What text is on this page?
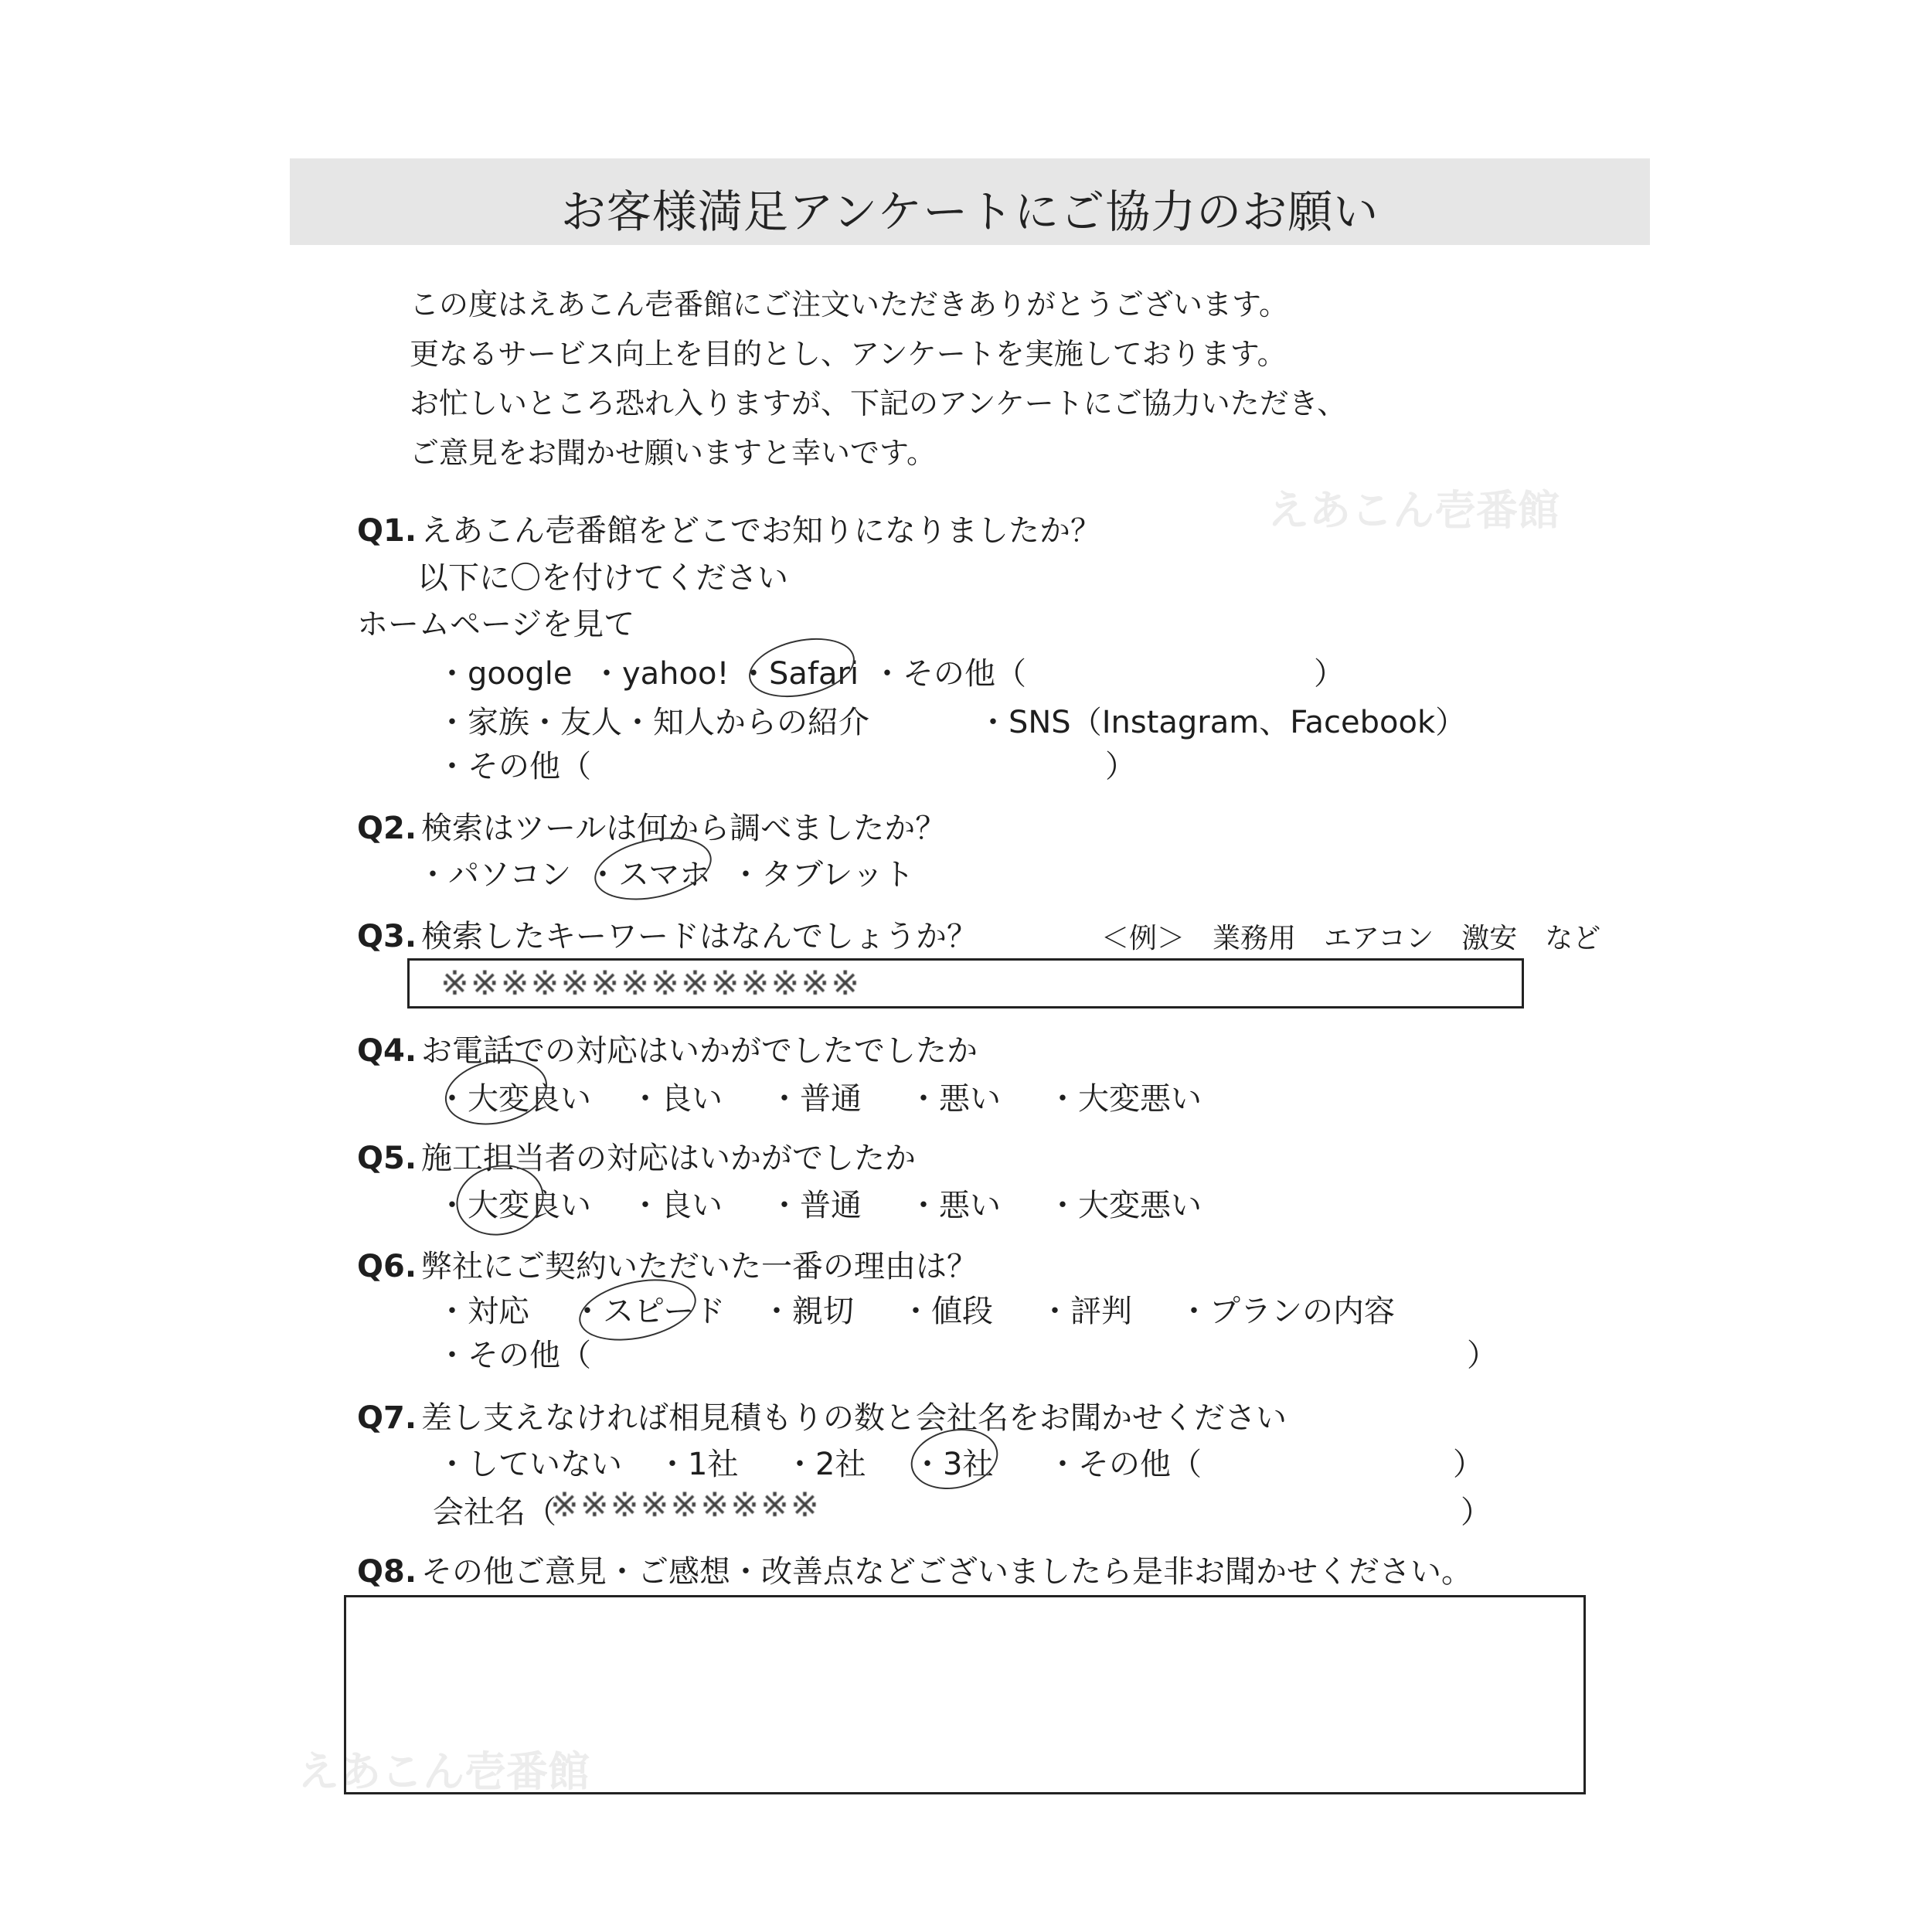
えあこん壱番館
えあこん壱番館
お客様満足アンケートにご協力のお願い
この度はえあこん壱番館にご注文いただきありがとうございます。
更なるサービス向上を目的とし、アンケートを実施しております。
お忙しいところ恐れ入りますが、下記のアンケートにご協力いただき、
ご意見をお聞かせ願いますと幸いです。
Q1. えあこん壱番館をどこでお知りになりましたか？
以下に〇を付けてください
ホームページを見て
・google ・yahoo! ・Safari ・その他（	）
・家族・友人・知人からの紹介	・SNS（Instagram、Facebook）
・その他（	）
Q2. 検索はツールは何から調べましたか？
・パソコン ・スマホ ・タブレット
Q3. 検索したキーワードはなんでしょうか？	＜例＞　業務用　エアコン　激安　など
※※※※※※※※※※※※※※
Q4. お電話での対応はいかがでしたでしたか
・大変良い ・良い ・普通 ・悪い ・大変悪い
Q5. 施工担当者の対応はいかがでしたか
・大変良い ・良い ・普通 ・悪い ・大変悪い
Q6. 弊社にご契約いただいた一番の理由は？
・対応 ・スピード ・親切 ・値段 ・評判 ・プランの内容
・その他（	）
Q7. 差し支えなければ相見積もりの数と会社名をお聞かせください
・していない ・1社 ・2社 ・3社 ・その他（	）
会社名（
※※※※※※※※※	）
Q8. その他ご意見・ご感想・改善点などございましたら是非お聞かせください。
